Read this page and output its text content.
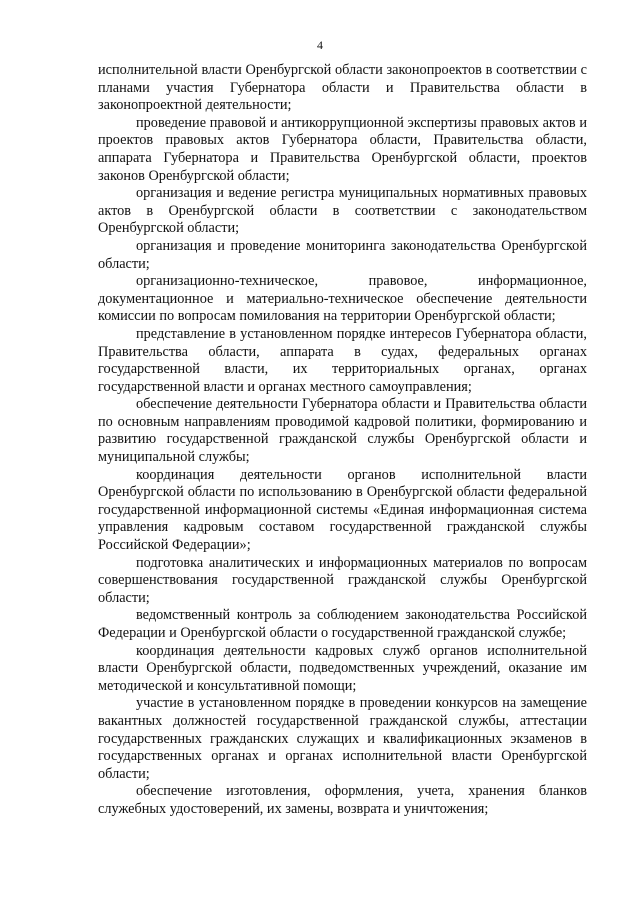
4

исполнительной власти Оренбургской области законопроектов в соответствии с планами участия Губернатора области и Правительства области в законопроектной деятельности;

проведение правовой и антикоррупционной экспертизы правовых актов и проектов правовых актов Губернатора области, Правительства области, аппарата Губернатора и Правительства Оренбургской области, проектов законов Оренбургской области;

организация и ведение регистра муниципальных нормативных правовых актов в Оренбургской области в соответствии с законодательством Оренбургской области;

организация и проведение мониторинга законодательства Оренбургской области;

организационно-техническое, правовое, информационное, документационное и материально-техническое обеспечение деятельности комиссии по вопросам помилования на территории Оренбургской области;

представление в установленном порядке интересов Губернатора области, Правительства области, аппарата в судах, федеральных органах государственной власти, их территориальных органах, органах государственной власти и органах местного самоуправления;

обеспечение деятельности Губернатора области и Правительства области по основным направлениям проводимой кадровой политики, формированию и развитию государственной гражданской службы Оренбургской области и муниципальной службы;

координация деятельности органов исполнительной власти Оренбургской области по использованию в Оренбургской области федеральной государственной информационной системы «Единая информационная система управления кадровым составом государственной гражданской службы Российской Федерации»;

подготовка аналитических и информационных материалов по вопросам совершенствования государственной гражданской службы Оренбургской области;

ведомственный контроль за соблюдением законодательства Российской Федерации и Оренбургской области о государственной гражданской службе;

координация деятельности кадровых служб органов исполнительной власти Оренбургской области, подведомственных учреждений, оказание им методической и консультативной помощи;

участие в установленном порядке в проведении конкурсов на замещение вакантных должностей государственной гражданской службы, аттестации государственных гражданских служащих и квалификационных экзаменов в государственных органах и органах исполнительной власти Оренбургской области;

обеспечение изготовления, оформления, учета, хранения бланков служебных удостоверений, их замены, возврата и уничтожения;
